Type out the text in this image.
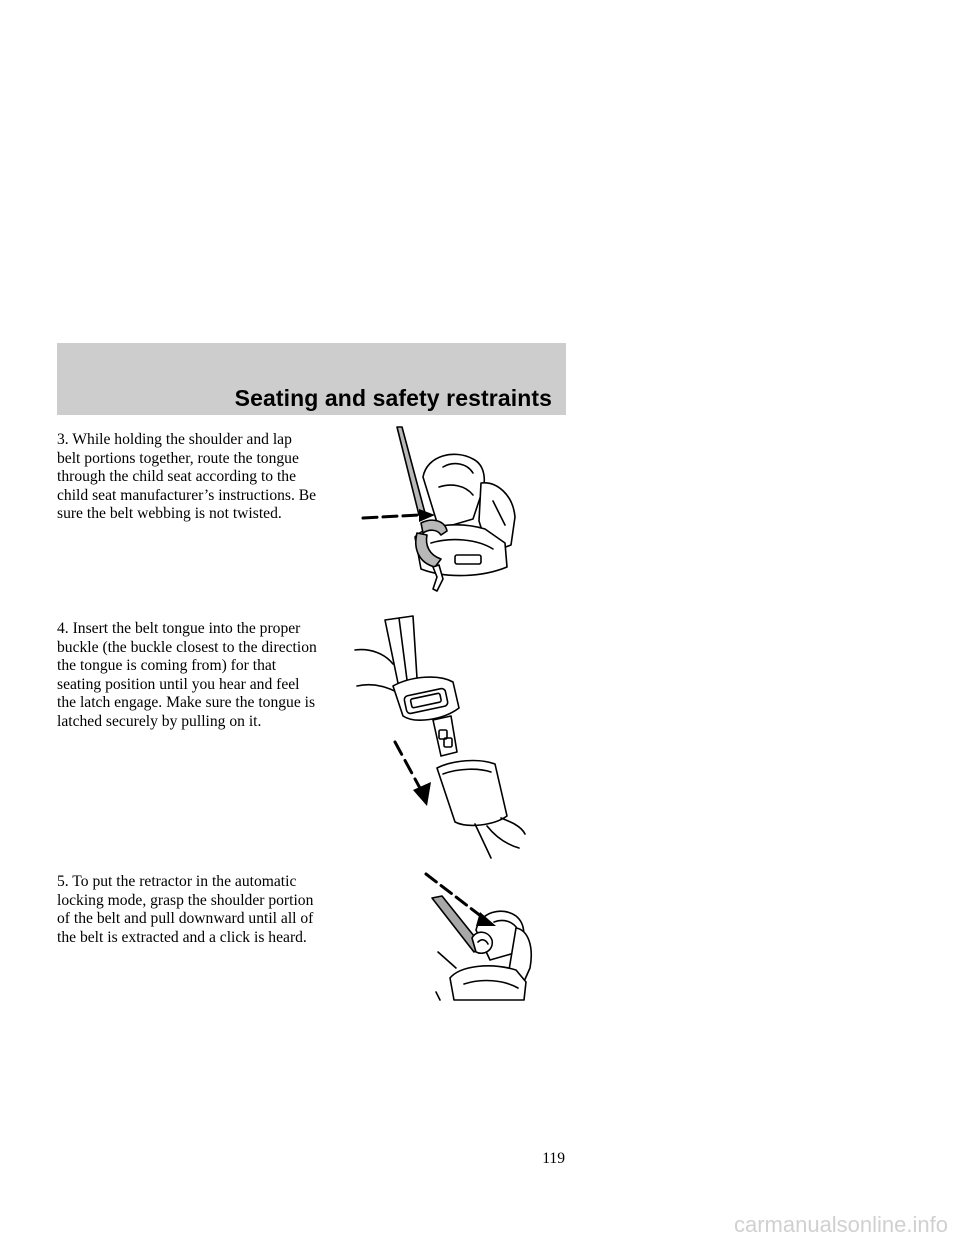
Seating and safety restraints

3. While holding the shoulder and lap belt portions together, route the tongue through the child seat according to the child seat manufacturer’s instructions. Be sure the belt webbing is not twisted.

4. Insert the belt tongue into the proper buckle (the buckle closest to the direction the tongue is coming from) for that seating position until you hear and feel the latch engage. Make sure the tongue is latched securely by pulling on it.

5. To put the retractor in the automatic locking mode, grasp the shoulder portion of the belt and pull downward until all of the belt is extracted and a click is heard.

119
carmanualsonline.info
